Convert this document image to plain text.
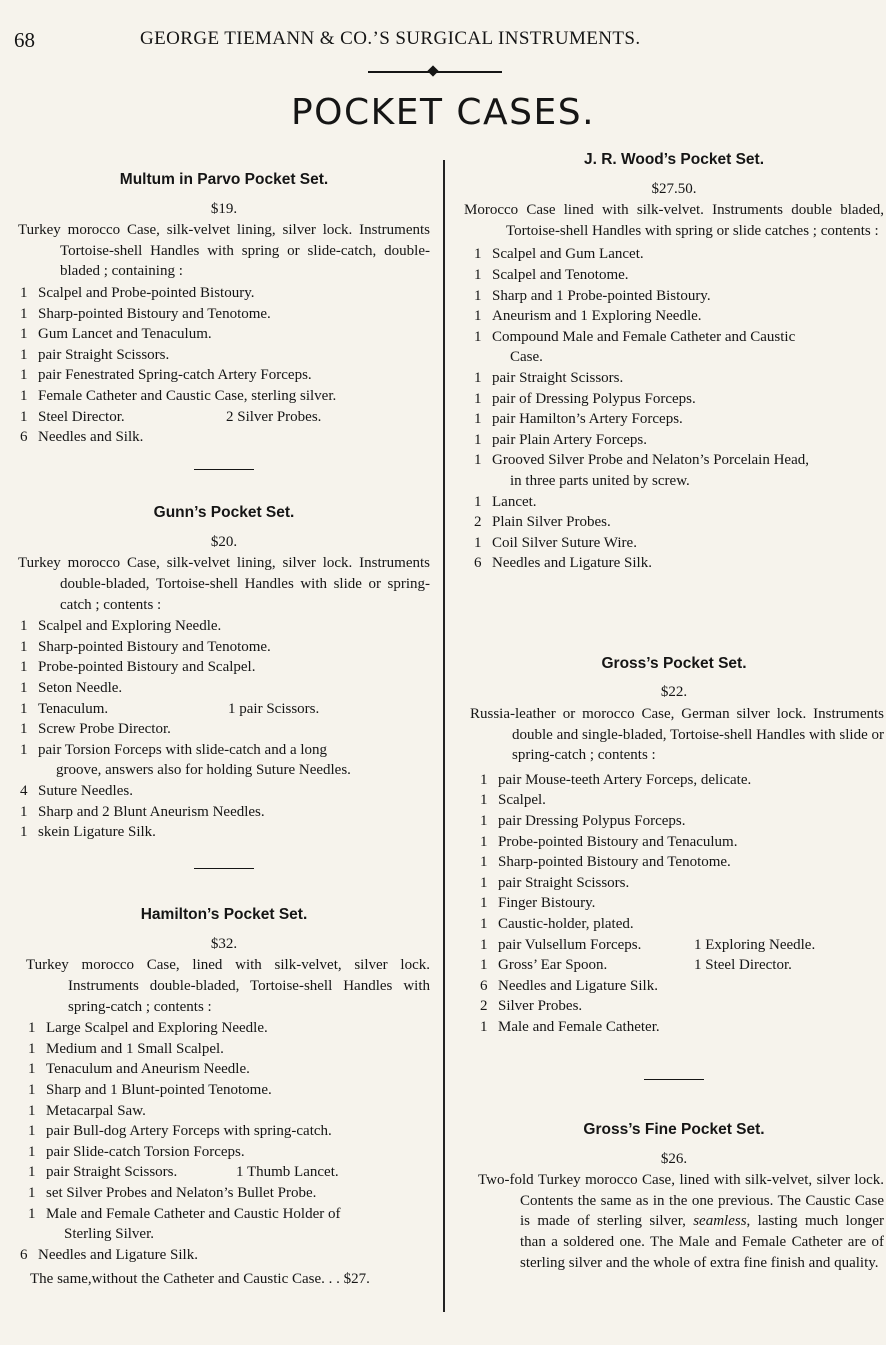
68	GEORGE TIEMANN & CO.’S SURGICAL INSTRUMENTS.
POCKET CASES.
Multum in Parvo Pocket Set.
$19.

Turkey morocco Case, silk-velvet lining, silver lock. Instruments Tortoise-shell Handles with spring or slide-catch, double-bladed ; containing :

1 Scalpel and Probe-pointed Bistoury.
1 Sharp-pointed Bistoury and Tenotome.
1 Gum Lancet and Tenaculum.
1 pair Straight Scissors.
1 pair Fenestrated Spring-catch Artery Forceps.
1 Female Catheter and Caustic Case, sterling silver.
1 Steel Director.	2 Silver Probes.
6 Needles and Silk.
Gunn’s Pocket Set.
$20.

Turkey morocco Case, silk-velvet lining, silver lock. Instruments double-bladed, Tortoise-shell Handles with slide or spring-catch ; contents :

1 Scalpel and Exploring Needle.
1 Sharp-pointed Bistoury and Tenotome.
1 Probe-pointed Bistoury and Scalpel.
1 Seton Needle.
1 Tenaculum.	1 pair Scissors.
1 Screw Probe Director.
1 pair Torsion Forceps with slide-catch and a long
groove, answers also for holding Suture Needles.
4 Suture Needles.
1 Sharp and 2 Blunt Aneurism Needles.
1 skein Ligature Silk.
Hamilton’s Pocket Set.
$32.

Turkey morocco Case, lined with silk-velvet, silver lock. Instruments double-bladed, Tortoise-shell Handles with spring-catch ; contents :

1 Large Scalpel and Exploring Needle.
1 Medium and 1 Small Scalpel.
1 Tenaculum and Aneurism Needle.
1 Sharp and 1 Blunt-pointed Tenotome.
1 Metacarpal Saw.
1 pair Bull-dog Artery Forceps with spring-catch.
1 pair Slide-catch Torsion Forceps.
1 pair Straight Scissors.	1 Thumb Lancet.
1 set Silver Probes and Nelaton’s Bullet Probe.
1 Male and Female Catheter and Caustic Holder of
Sterling Silver.
6 Needles and Ligature Silk.

The same,without the Catheter and Caustic Case. . . $27.

J. R. Wood’s Pocket Set.
$27.50.

Morocco Case lined with silk-velvet. Instruments double bladed, Tortoise-shell Handles with spring or slide catches ; contents :

1 Scalpel and Gum Lancet.
1 Scalpel and Tenotome.
1 Sharp and 1 Probe-pointed Bistoury.
1 Aneurism and 1 Exploring Needle.
1 Compound Male and Female Catheter and Caustic
Case.
1 pair Straight Scissors.
1 pair of Dressing Polypus Forceps.
1 pair Hamilton’s Artery Forceps.
1 pair Plain Artery Forceps.
1 Grooved Silver Probe and Nelaton’s Porcelain Head,
in three parts united by screw.
1 Lancet.
2 Plain Silver Probes.
1 Coil Silver Suture Wire.
6 Needles and Ligature Silk.
Gross’s Pocket Set.
$22.

Russia-leather or morocco Case, German silver lock. Instruments double and single-bladed, Tortoise-shell Handles with slide or spring-catch ; contents :

1 pair Mouse-teeth Artery Forceps, delicate.
1 Scalpel.
1 pair Dressing Polypus Forceps.
1 Probe-pointed Bistoury and Tenaculum.
1 Sharp-pointed Bistoury and Tenotome.
1 pair Straight Scissors.
1 Finger Bistoury.
1 Caustic-holder, plated.
1 pair Vulsellum Forceps.	1 Exploring Needle.
1 Gross’ Ear Spoon.	1 Steel Director.
6 Needles and Ligature Silk.
2 Silver Probes.
1 Male and Female Catheter.
Gross’s Fine Pocket Set.
$26.

Two-fold Turkey morocco Case, lined with silk-velvet, silver lock. Contents the same as in the one previous. The Caustic Case is made of sterling silver, seamless, lasting much longer than a soldered one. The Male and Female Catheter are of sterling silver and the whole of extra fine finish and quality.
